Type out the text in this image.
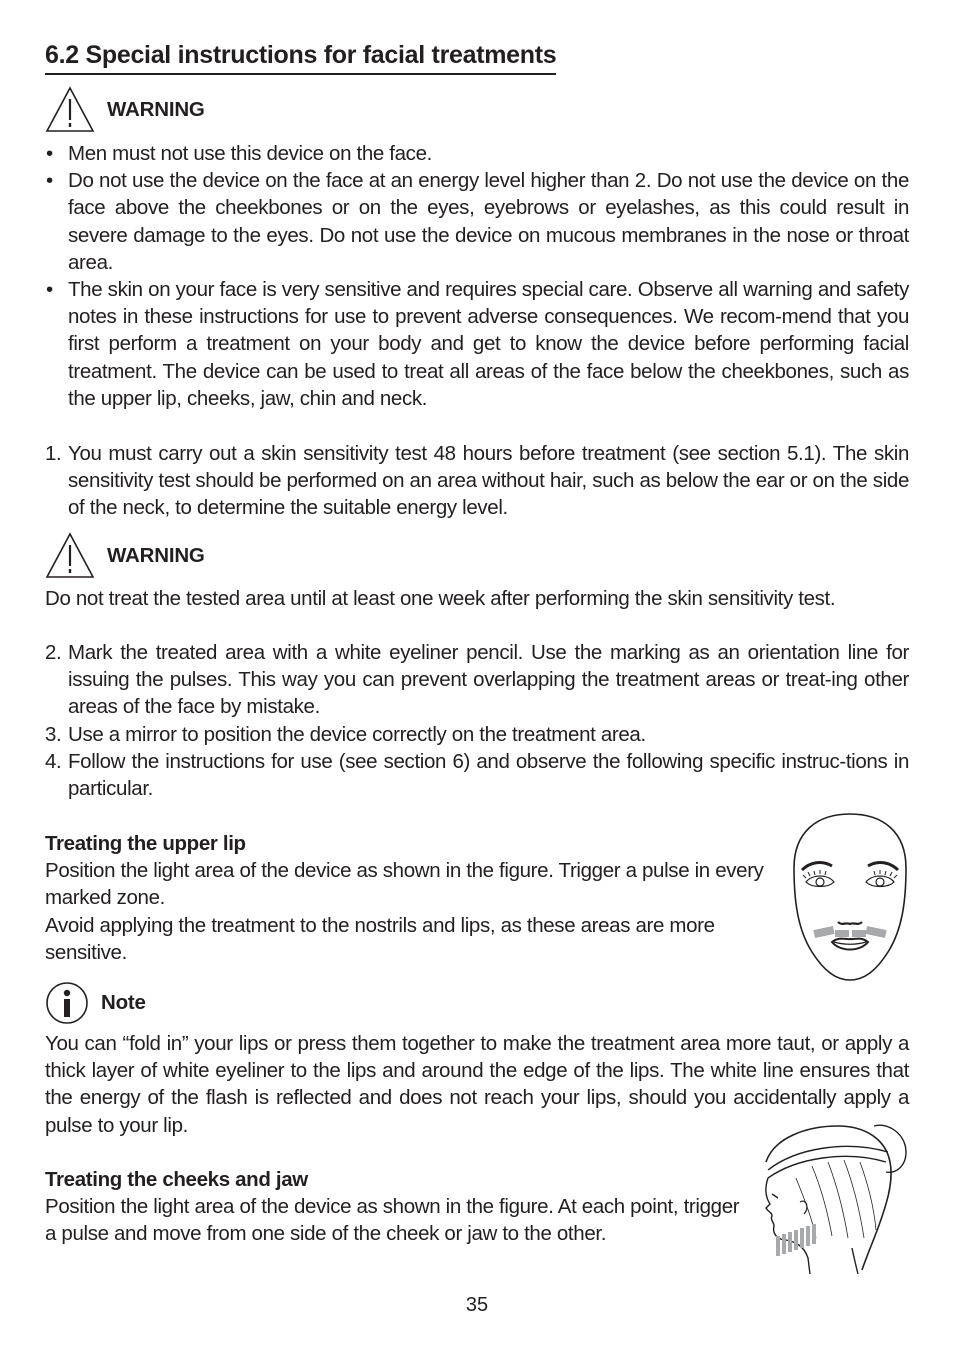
6.2 Special instructions for facial treatments
WARNING
• Men must not use this device on the face.
• Do not use the device on the face at an energy level higher than 2. Do not use the device on the face above the cheekbones or on the eyes, eyebrows or eyelashes, as this could result in severe damage to the eyes. Do not use the device on mucous membranes in the nose or throat area.
• The skin on your face is very sensitive and requires special care. Observe all warning and safety notes in these instructions for use to prevent adverse consequences. We recom-mend that you first perform a treatment on your body and get to know the device before performing facial treatment. The device can be used to treat all areas of the face below the cheekbones, such as the upper lip, cheeks, jaw, chin and neck.
1. You must carry out a skin sensitivity test 48 hours before treatment (see section 5.1). The skin sensitivity test should be performed on an area without hair, such as below the ear or on the side of the neck, to determine the suitable energy level.
WARNING
Do not treat the tested area until at least one week after performing the skin sensitivity test.
2. Mark the treated area with a white eyeliner pencil. Use the marking as an orientation line for issuing the pulses. This way you can prevent overlapping the treatment areas or treat-ing other areas of the face by mistake.
3. Use a mirror to position the device correctly on the treatment area.
4. Follow the instructions for use (see section 6) and observe the following specific instruc-tions in particular.
Treating the upper lip
Position the light area of the device as shown in the figure. Trigger a pulse in every marked zone.
Avoid applying the treatment to the nostrils and lips, as these areas are more sensitive.
Note
You can “fold in” your lips or press them together to make the treatment area more taut, or apply a thick layer of white eyeliner to the lips and around the edge of the lips. The white line ensures that the energy of the flash is reflected and does not reach your lips, should you accidentally apply a pulse to your lip.
Treating the cheeks and jaw
Position the light area of the device as shown in the figure. At each point, trigger a pulse and move from one side of the cheek or jaw to the other.
35
